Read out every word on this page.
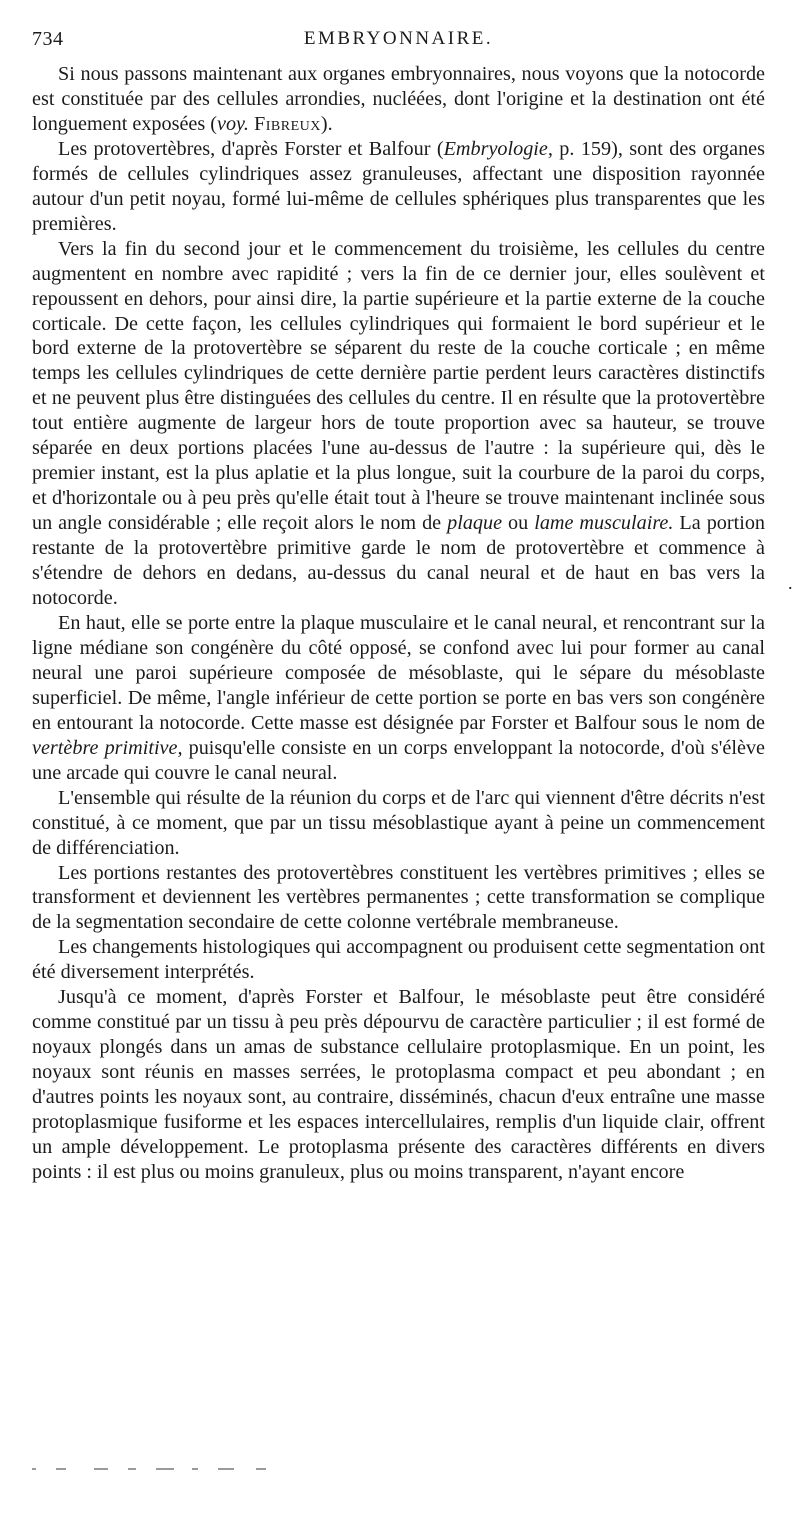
734	EMBRYONNAIRE.
.

Si nous passons maintenant aux organes embryonnaires, nous voyons que la notocorde est constituée par des cellules arrondies, nucléées, dont l'origine et la destination ont été longuement exposées (voy. Fibreux).

Les protovertèbres, d'après Forster et Balfour (Embryologie, p. 159), sont des organes formés de cellules cylindriques assez granuleuses, affectant une disposition rayonnée autour d'un petit noyau, formé lui-même de cellules sphériques plus transparentes que les premières.

Vers la fin du second jour et le commencement du troisième, les cellules du centre augmentent en nombre avec rapidité ; vers la fin de ce dernier jour, elles soulèvent et repoussent en dehors, pour ainsi dire, la partie supérieure et la partie externe de la couche corticale. De cette façon, les cellules cylindriques qui formaient le bord supérieur et le bord externe de la protovertèbre se séparent du reste de la couche corticale ; en même temps les cellules cylindriques de cette dernière partie perdent leurs caractères distinctifs et ne peuvent plus être distinguées des cellules du centre. Il en résulte que la protovertèbre tout entière augmente de largeur hors de toute proportion avec sa hauteur, se trouve séparée en deux portions placées l'une au-dessus de l'autre : la supérieure qui, dès le premier instant, est la plus aplatie et la plus longue, suit la courbure de la paroi du corps, et d'horizontale ou à peu près qu'elle était tout à l'heure se trouve maintenant inclinée sous un angle considérable ; elle reçoit alors le nom de plaque ou lame musculaire. La portion restante de la protovertèbre primitive garde le nom de protovertèbre et commence à s'étendre de dehors en dedans, au-dessus du canal neural et de haut en bas vers la notocorde.

En haut, elle se porte entre la plaque musculaire et le canal neural, et rencontrant sur la ligne médiane son congénère du côté opposé, se confond avec lui pour former au canal neural une paroi supérieure composée de mésoblaste, qui le sépare du mésoblaste superficiel. De même, l'angle inférieur de cette portion se porte en bas vers son congénère en entourant la notocorde. Cette masse est désignée par Forster et Balfour sous le nom de vertèbre primitive, puisqu'elle consiste en un corps enveloppant la notocorde, d'où s'élève une arcade qui couvre le canal neural.

L'ensemble qui résulte de la réunion du corps et de l'arc qui viennent d'être décrits n'est constitué, à ce moment, que par un tissu mésoblastique ayant à peine un commencement de différenciation.

Les portions restantes des protovertèbres constituent les vertèbres primitives ; elles se transforment et deviennent les vertèbres permanentes ; cette transformation se complique de la segmentation secondaire de cette colonne vertébrale membraneuse.

Les changements histologiques qui accompagnent ou produisent cette segmentation ont été diversement interprétés.

Jusqu'à ce moment, d'après Forster et Balfour, le mésoblaste peut être considéré comme constitué par un tissu à peu près dépourvu de caractère particulier ; il est formé de noyaux plongés dans un amas de substance cellulaire protoplasmique. En un point, les noyaux sont réunis en masses serrées, le protoplasma compact et peu abondant ; en d'autres points les noyaux sont, au contraire, disséminés, chacun d'eux entraîne une masse protoplasmique fusiforme et les espaces intercellulaires, remplis d'un liquide clair, offrent un ample développement. Le protoplasma présente des caractères différents en divers points : il est plus ou moins granuleux, plus ou moins transparent, n'ayant encore
